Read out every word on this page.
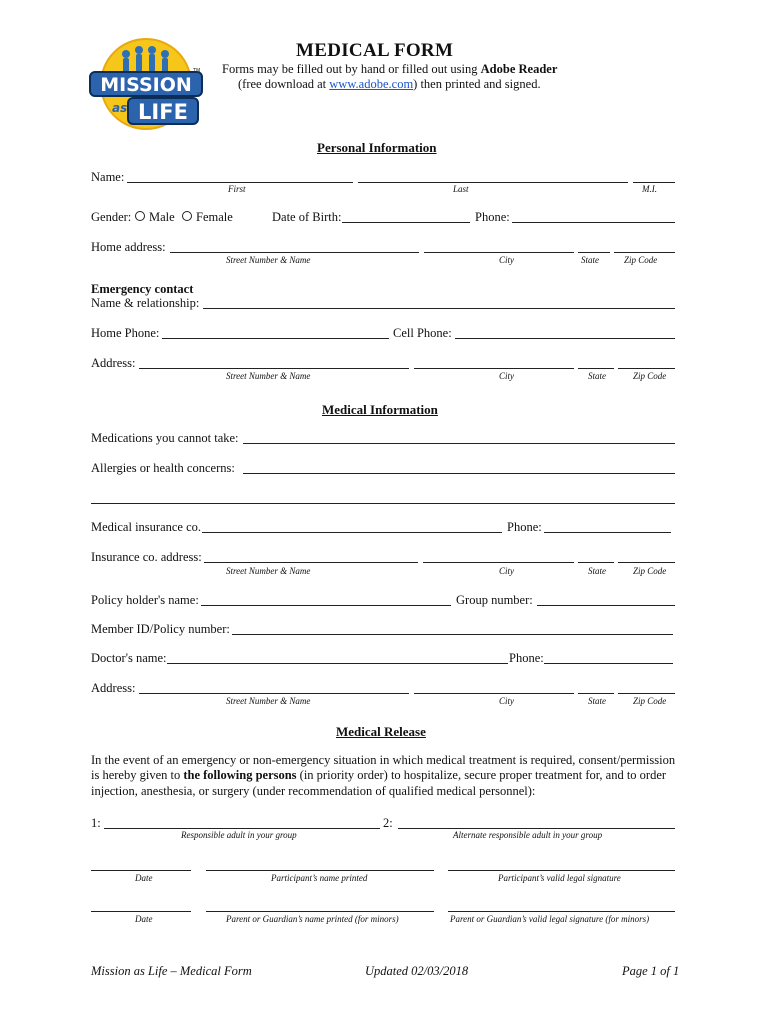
MISSION
as LIFE
TM
MEDICAL FORM
Forms may be filled out by hand or filled out using Adobe Reader
(free download at www.adobe.com) then printed and signed.
Personal Information
Name:
First	Last	M.I.
Gender:	Male	Female	Date of Birth:	Phone:
Home address:
Street Number & Name	City	State	Zip Code
Emergency contact
Name & relationship:
Home Phone:	Cell Phone:
Address:
Street Number & Name	City	State	Zip Code
Medical Information
Medications you cannot take:
Allergies or health concerns:
Medical insurance co.	Phone:
Insurance co. address:
Street Number & Name	City	State	Zip Code
Policy holder's name:	Group number:
Member ID/Policy number:
Doctor's name:	Phone:
Address:
Street Number & Name	City	State	Zip Code
Medical Release
In the event of an emergency or non-emergency situation in which medical treatment is required, consent/permission
is hereby given to the following persons (in priority order) to hospitalize, secure proper treatment for, and to order
injection, anesthesia, or surgery (under recommendation of qualified medical personnel):
1:	2:
Responsible adult in your group	Alternate responsible adult in your group
Date	Participant’s name printed	Participant’s valid legal signature
Date	Parent or Guardian’s name printed (for minors)	Parent or Guardian’s valid legal signature (for minors)
Mission as Life – Medical Form	Updated 02/03/2018	Page 1 of 1
